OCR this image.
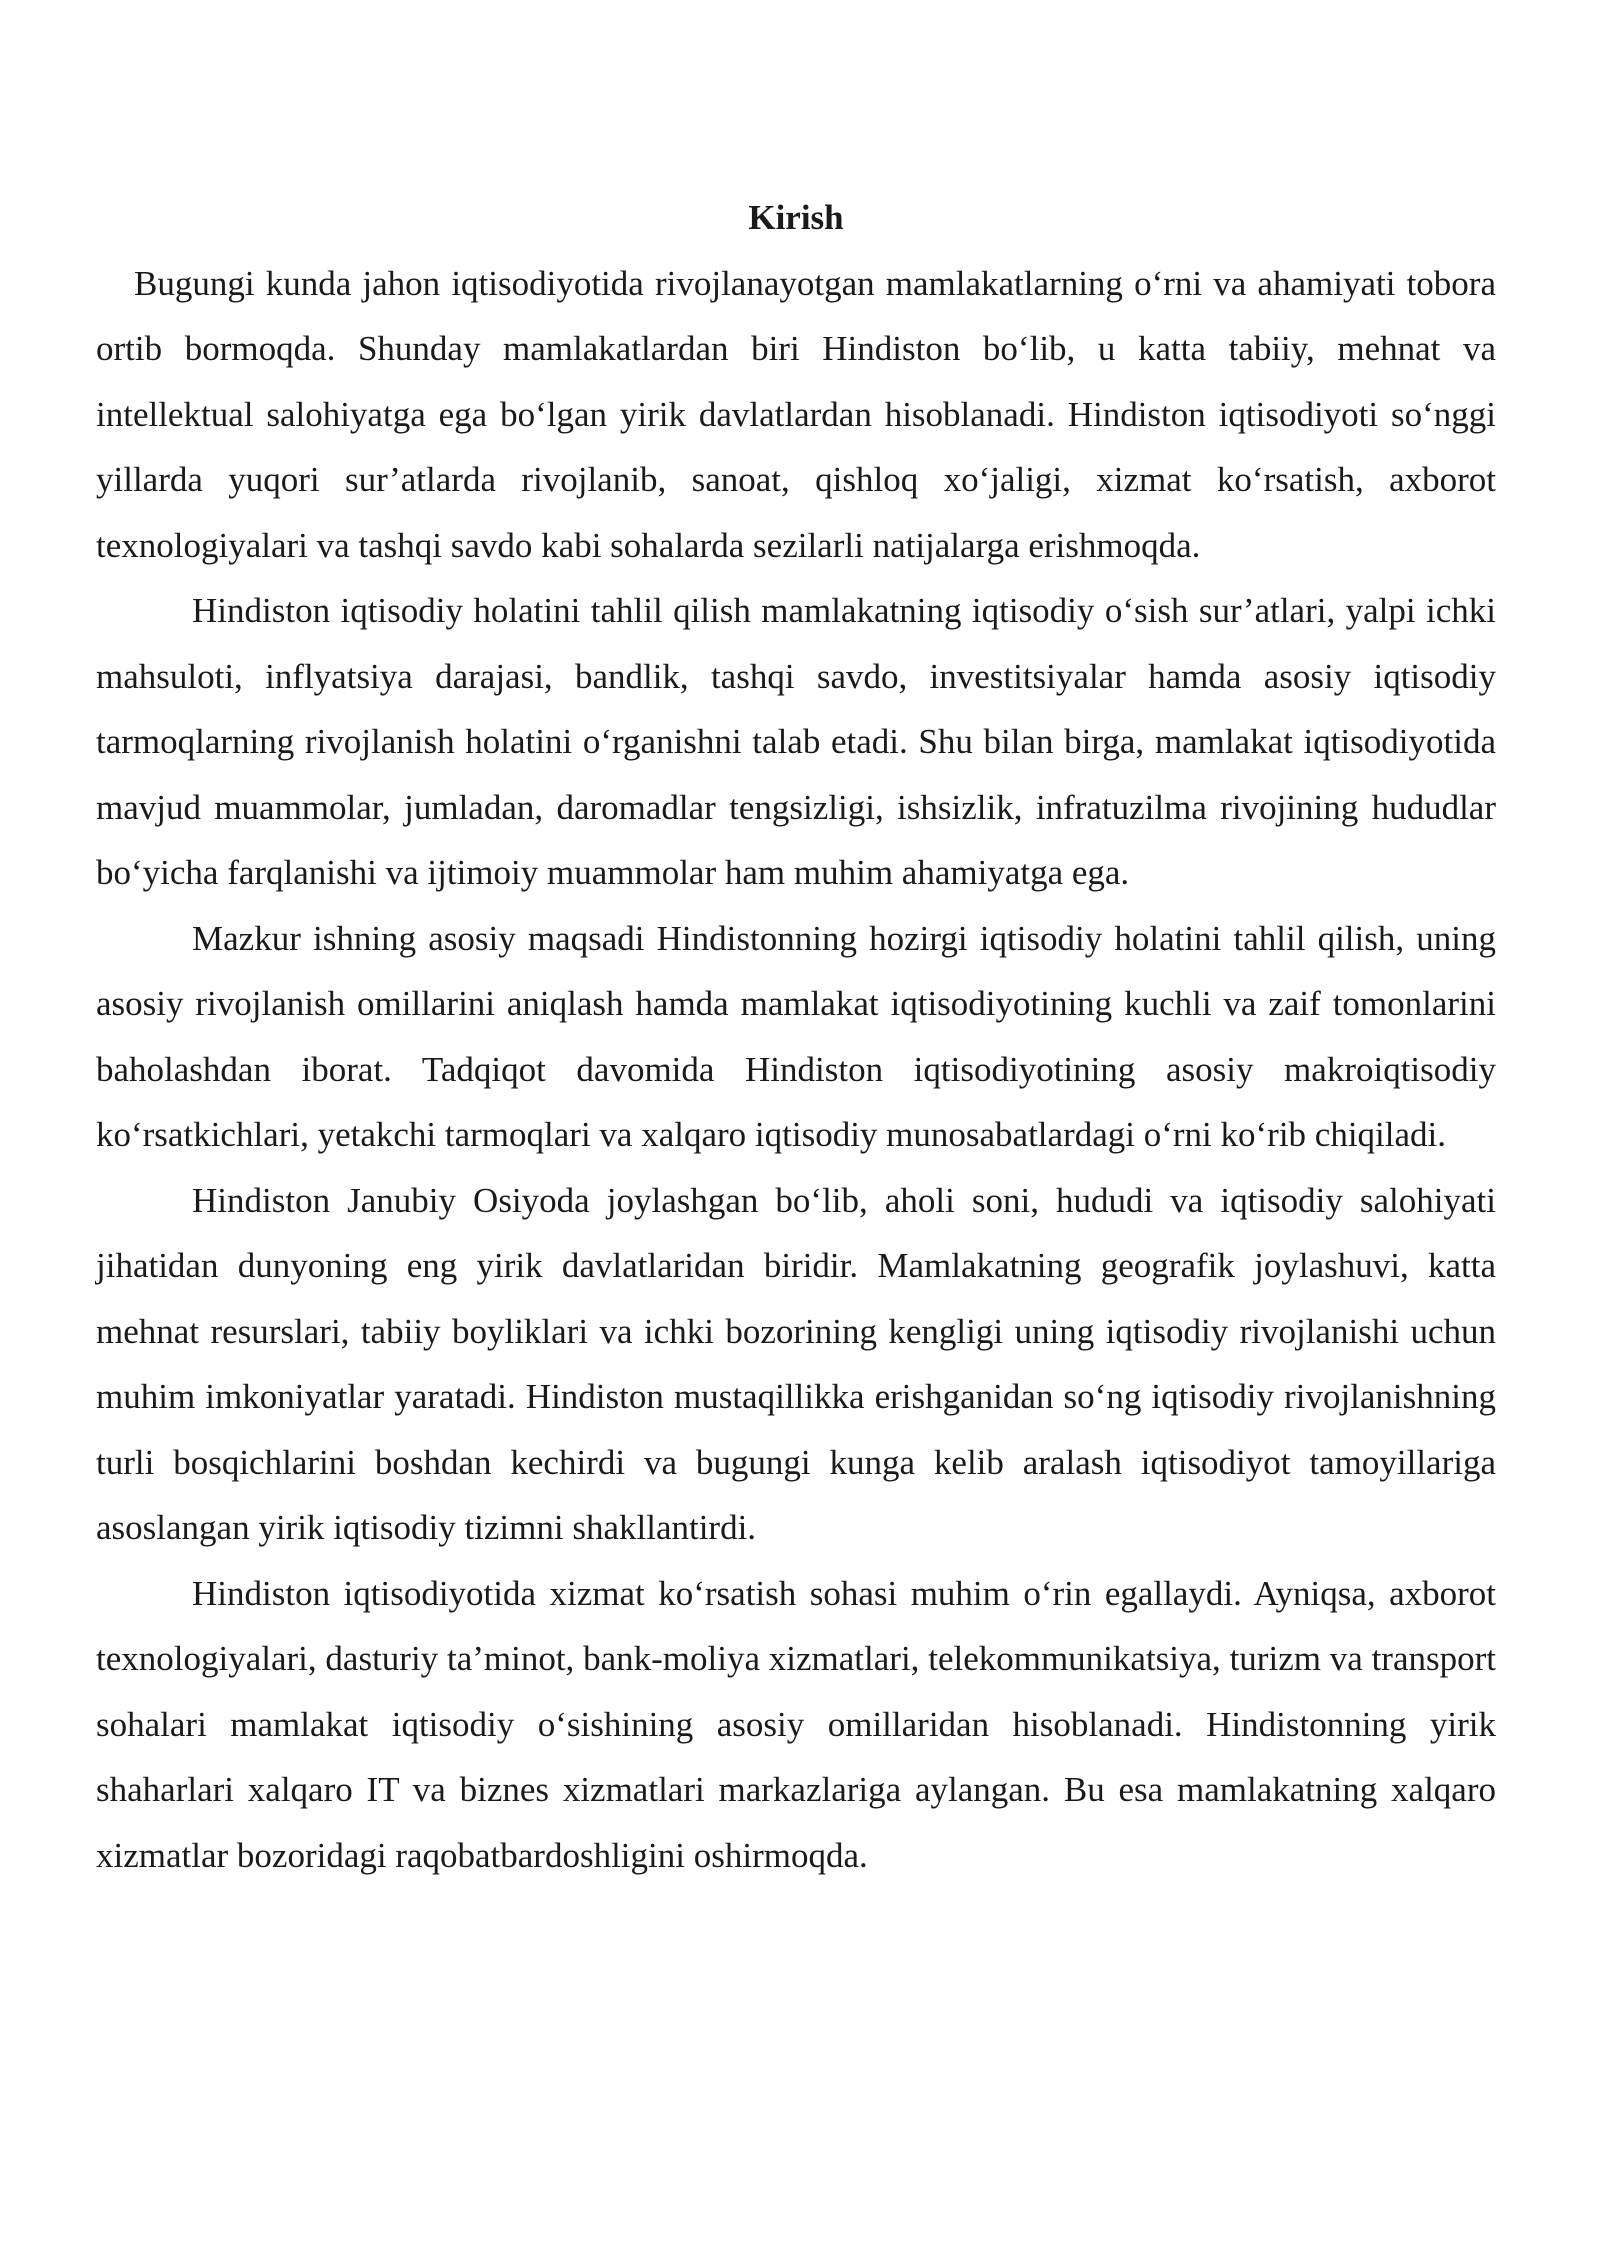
Kirish

Bugungi kunda jahon iqtisodiyotida rivojlanayotgan mamlakatlarning o‘rni va ahamiyati tobora ortib bormoqda. Shunday mamlakatlardan biri Hindiston bo‘lib, u katta tabiiy, mehnat va intellektual salohiyatga ega bo‘lgan yirik davlatlardan hisoblanadi. Hindiston iqtisodiyoti so‘nggi yillarda yuqori sur’atlarda rivojlanib, sanoat, qishloq xo‘jaligi, xizmat ko‘rsatish, axborot texnologiyalari va tashqi savdo kabi sohalarda sezilarli natijalarga erishmoqda.

Hindiston iqtisodiy holatini tahlil qilish mamlakatning iqtisodiy o‘sish sur’atlari, yalpi ichki mahsuloti, inflyatsiya darajasi, bandlik, tashqi savdo, investitsiyalar hamda asosiy iqtisodiy tarmoqlarning rivojlanish holatini o‘rganishni talab etadi. Shu bilan birga, mamlakat iqtisodiyotida mavjud muammolar, jumladan, daromadlar tengsizligi, ishsizlik, infratuzilma rivojining hududlar bo‘yicha farqlanishi va ijtimoiy muammolar ham muhim ahamiyatga ega.

Mazkur ishning asosiy maqsadi Hindistonning hozirgi iqtisodiy holatini tahlil qilish, uning asosiy rivojlanish omillarini aniqlash hamda mamlakat iqtisodiyotining kuchli va zaif tomonlarini baholashdan iborat. Tadqiqot davomida Hindiston iqtisodiyotining asosiy makroiqtisodiy ko‘rsatkichlari, yetakchi tarmoqlari va xalqaro iqtisodiy munosabatlardagi o‘rni ko‘rib chiqiladi.

Hindiston Janubiy Osiyoda joylashgan bo‘lib, aholi soni, hududi va iqtisodiy salohiyati jihatidan dunyoning eng yirik davlatlaridan biridir. Mamlakatning geografik joylashuvi, katta mehnat resurslari, tabiiy boyliklari va ichki bozorining kengligi uning iqtisodiy rivojlanishi uchun muhim imkoniyatlar yaratadi. Hindiston mustaqillikka erishganidan so‘ng iqtisodiy rivojlanishning turli bosqichlarini boshdan kechirdi va bugungi kunga kelib aralash iqtisodiyot tamoyillariga asoslangan yirik iqtisodiy tizimni shakllantirdi.

Hindiston iqtisodiyotida xizmat ko‘rsatish sohasi muhim o‘rin egallaydi. Ayniqsa, axborot texnologiyalari, dasturiy ta’minot, bank-moliya xizmatlari, telekommunikatsiya, turizm va transport sohalari mamlakat iqtisodiy o‘sishining asosiy omillaridan hisoblanadi. Hindistonning yirik shaharlari xalqaro IT va biznes xizmatlari markazlariga aylangan. Bu esa mamlakatning xalqaro xizmatlar bozoridagi raqobatbardoshligini oshirmoqda.
